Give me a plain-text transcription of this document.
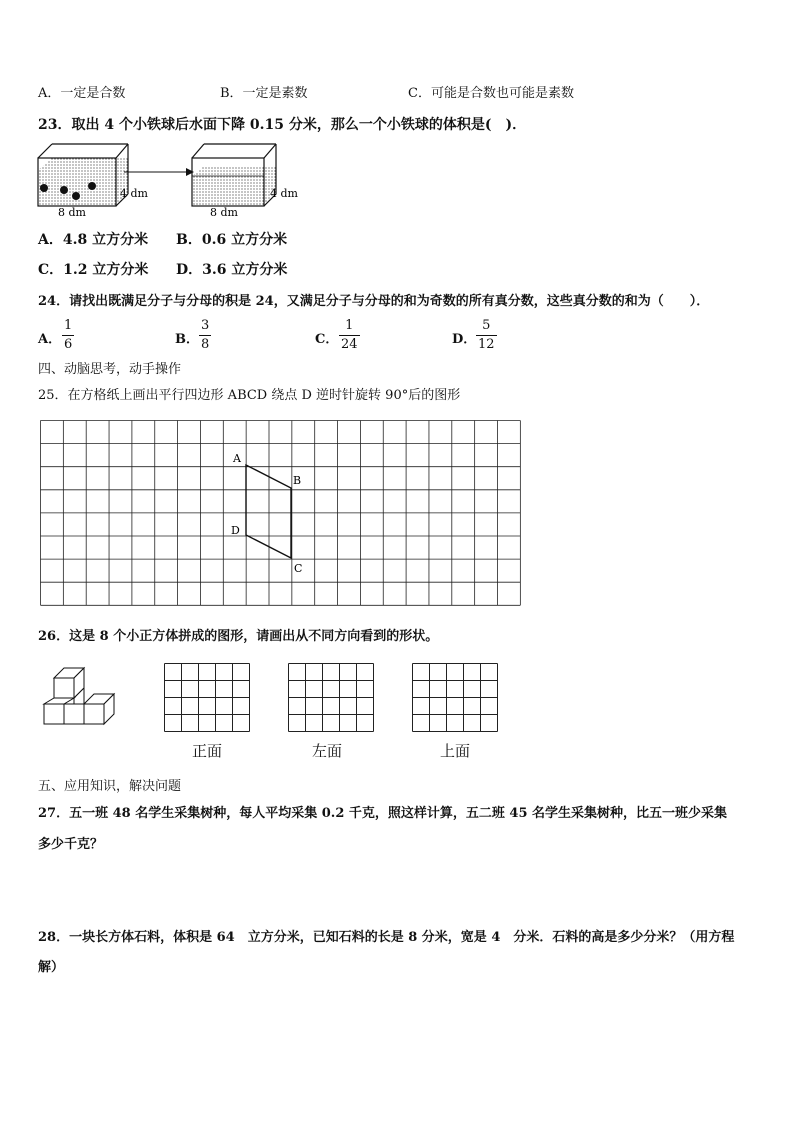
A．一定是合数	B．一定是素数	C．可能是合数也可能是素数
23．取出 4 个小铁球后水面下降 0.15 分米，那么一个小铁球的体积是(　)．
8 dm
4 dm
8 dm
4 dm
A．4.8 立方分米 B．0.6 立方分米
C．1.2 立方分米 D．3.6 立方分米
24．请找出既满足分子与分母的积是 24，又满足分子与分母的和为奇数的所有真分数，这些真分数的和为（　　）．
A．
1
6	B．
3
8	C．
1
24	D．
5
12
四、动脑思考，动手操作
25．在方格纸上画出平行四边形 ABCD 绕点 D 逆时针旋转 90°后的图形
A
B
C
D
26．这是 8 个小正方体拼成的图形，请画出从不同方向看到的形状。
正面	左面	上面
五、应用知识，解决问题
27．五一班 48 名学生采集树种，每人平均采集 0.2 千克，照这样计算，五二班 45 名学生采集树种，比五一班少采集
多少千克？
28．一块长方体石料，体积是 64　立方分米，已知石料的长是 8 分米，宽是 4　分米．石料的高是多少分米？（用方程
解）
